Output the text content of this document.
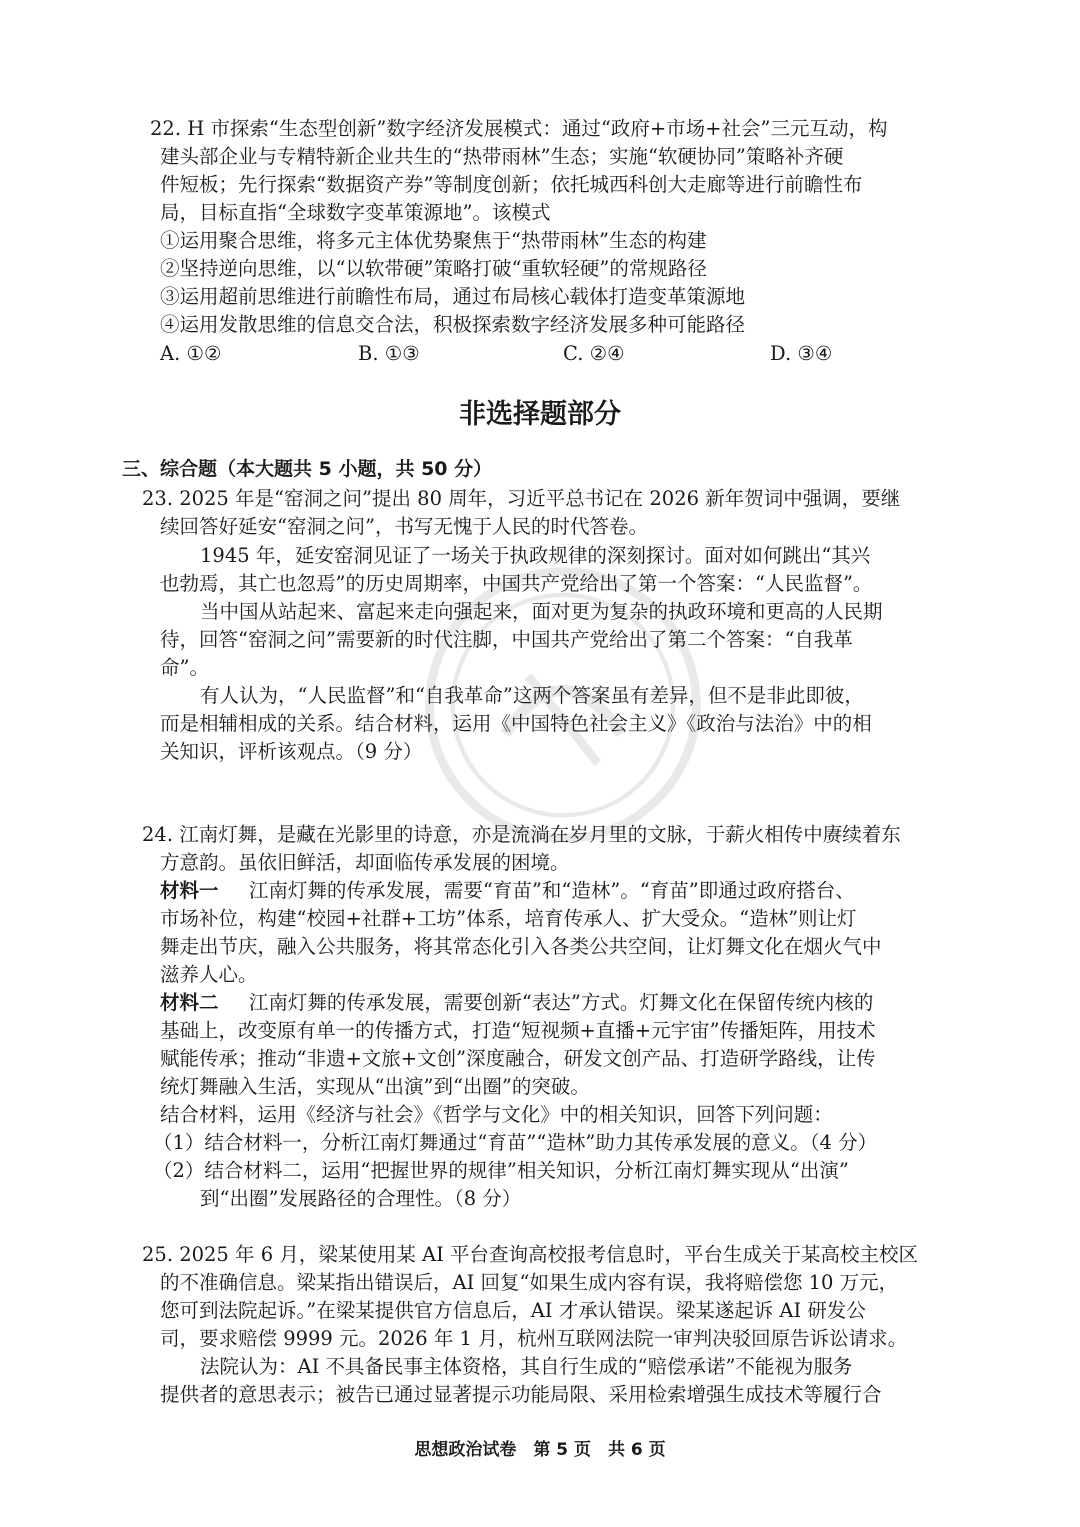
22. H 市探索“生态型创新”数字经济发展模式：通过“政府+市场+社会”三元互动，构
建头部企业与专精特新企业共生的“热带雨林”生态；实施“软硬协同”策略补齐硬
件短板；先行探索“数据资产券”等制度创新；依托城西科创大走廊等进行前瞻性布
局，目标直指“全球数字变革策源地”。该模式
①运用聚合思维，将多元主体优势聚焦于“热带雨林”生态的构建
②坚持逆向思维，以“以软带硬”策略打破“重软轻硬”的常规路径
③运用超前思维进行前瞻性布局，通过布局核心载体打造变革策源地
④运用发散思维的信息交合法，积极探索数字经济发展多种可能路径
A. ①②	B. ①③	C. ②④	D. ③④
非选择题部分
三、综合题（本大题共 5 小题，共 50 分）
23. 2025 年是“窑洞之问”提出 80 周年，习近平总书记在 2026 新年贺词中强调，要继
续回答好延安“窑洞之问”，书写无愧于人民的时代答卷。
1945 年，延安窑洞见证了一场关于执政规律的深刻探讨。面对如何跳出“其兴
也勃焉，其亡也忽焉”的历史周期率，中国共产党给出了第一个答案：“人民监督”。
当中国从站起来、富起来走向强起来，面对更为复杂的执政环境和更高的人民期
待，回答“窑洞之问”需要新的时代注脚，中国共产党给出了第二个答案：“自我革
命”。
有人认为，“人民监督”和“自我革命”这两个答案虽有差异，但不是非此即彼，
而是相辅相成的关系。结合材料，运用《中国特色社会主义》《政治与法治》中的相
关知识，评析该观点。（9 分）
24. 江南灯舞，是藏在光影里的诗意，亦是流淌在岁月里的文脉，于薪火相传中赓续着东
方意韵。虽依旧鲜活，却面临传承发展的困境。
材料一 江南灯舞的传承发展，需要“育苗”和“造林”。“育苗”即通过政府搭台、
市场补位，构建“校园+社群+工坊”体系，培育传承人、扩大受众。“造林”则让灯
舞走出节庆，融入公共服务，将其常态化引入各类公共空间，让灯舞文化在烟火气中
滋养人心。
材料二 江南灯舞的传承发展，需要创新“表达”方式。灯舞文化在保留传统内核的
基础上，改变原有单一的传播方式，打造“短视频+直播+元宇宙”传播矩阵，用技术
赋能传承；推动“非遗+文旅+文创”深度融合，研发文创产品、打造研学路线，让传
统灯舞融入生活，实现从“出演”到“出圈”的突破。
结合材料，运用《经济与社会》《哲学与文化》中的相关知识，回答下列问题：
（1）结合材料一，分析江南灯舞通过“育苗”“造林”助力其传承发展的意义。（4 分）
（2）结合材料二，运用“把握世界的规律”相关知识，分析江南灯舞实现从“出演”
到“出圈”发展路径的合理性。（8 分）
25. 2025 年 6 月，梁某使用某 AI 平台查询高校报考信息时，平台生成关于某高校主校区
的不准确信息。梁某指出错误后，AI 回复“如果生成内容有误，我将赔偿您 10 万元，
您可到法院起诉。”在梁某提供官方信息后，AI 才承认错误。梁某遂起诉 AI 研发公
司，要求赔偿 9999 元。2026 年 1 月，杭州互联网法院一审判决驳回原告诉讼请求。
法院认为：AI 不具备民事主体资格，其自行生成的“赔偿承诺”不能视为服务
提供者的意思表示；被告已通过显著提示功能局限、采用检索增强生成技术等履行合
思想政治试卷　第 5 页　共 6 页
